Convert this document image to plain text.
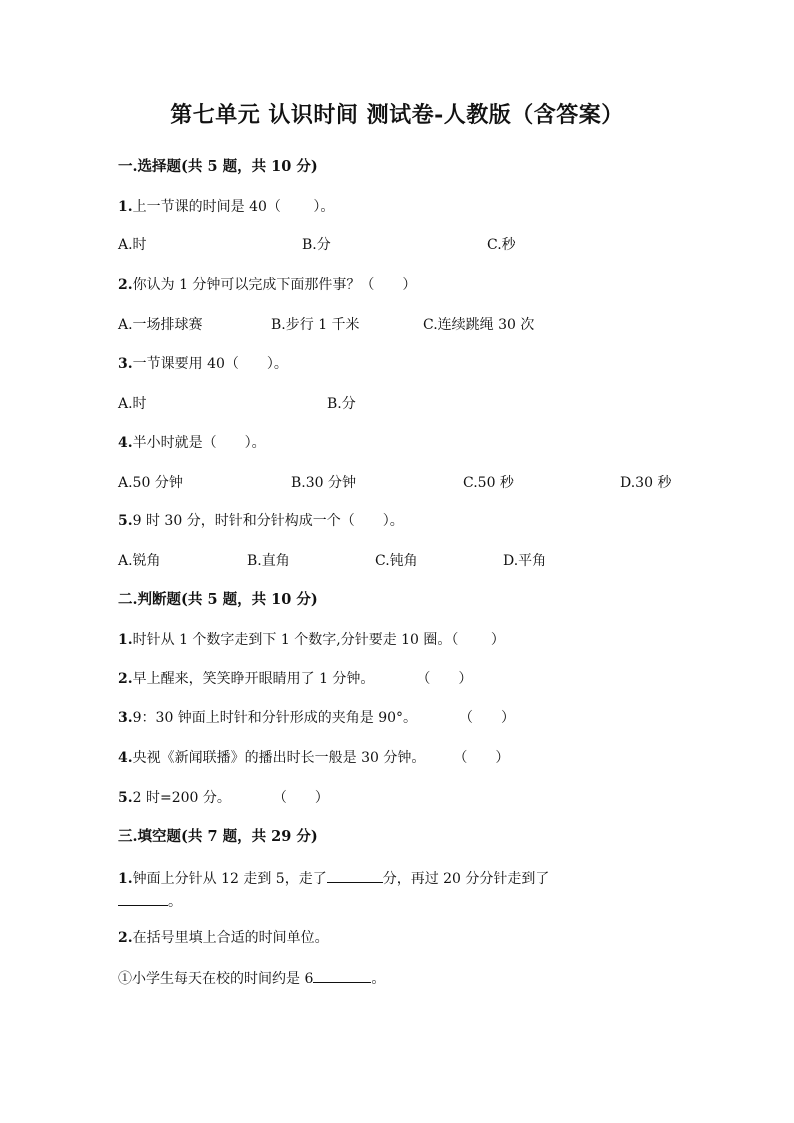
第七单元 认识时间 测试卷-人教版（含答案）
一.选择题(共 5 题，共 10 分)
1.上一节课的时间是 40（　　 ）。
A.时	B.分	C.秒
2.你认为 1 分钟可以完成下面那件事？（　　）
A.一场排球赛	B.步行 1 千米	C.连续跳绳 30 次
3.一节课要用 40（　　）。
A.时	B.分
4.半小时就是（　　）。
A.50 分钟	B.30 分钟	C.50 秒	D.30 秒
5.9 时 30 分，时针和分针构成一个（　　）。
A.锐角	B.直角	C.钝角	D.平角
二.判断题(共 5 题，共 10 分)
1.时针从 1 个数字走到下 1 个数字,分针要走 10 圈。（　　 ）
2.早上醒来，笑笑睁开眼睛用了 1 分钟。　　　　（　　）
3.9：30 钟面上时针和分针形成的夹角是 90°。　　　　（　　）
4.央视《新闻联播》的播出时长一般是 30 分钟。　　　（　　）
5.2 时=200 分。　　　　（　　）
三.填空题(共 7 题，共 29 分)
1.钟面上分针从 12 走到 5，走了	分，再过 20 分分针走到了
。
2.在括号里填上合适的时间单位。
①小学生每天在校的时间约是 6	。
